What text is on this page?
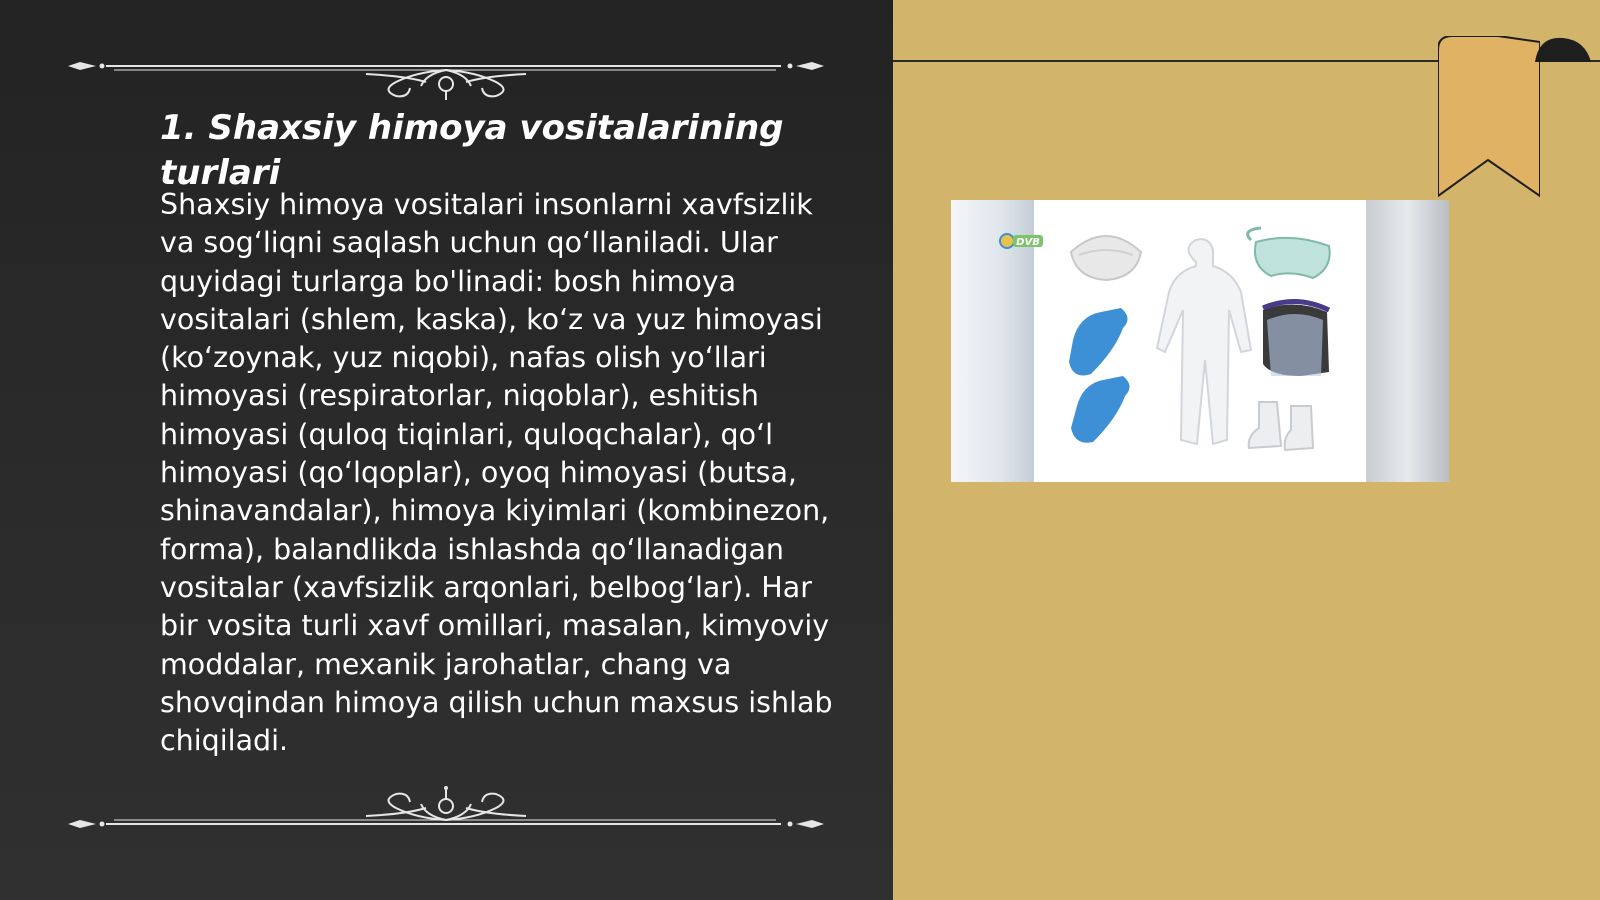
1. Shaxsiy himoya vositalarining turlari

Shaxsiy himoya vositalari insonlarni xavfsizlik va sog‘liqni saqlash uchun qo‘llaniladi. Ular quyidagi turlarga bo'linadi: bosh himoya vositalari (shlem, kaska), ko‘z va yuz himoyasi (ko‘zoynak, yuz niqobi), nafas olish yo‘llari himoyasi (respiratorlar, niqoblar), eshitish himoyasi (quloq tiqinlari, quloqchalar), qo‘l himoyasi (qo‘lqoplar), oyoq himoyasi (butsa, shinavandalar), himoya kiyimlari (kombinezon, forma), balandlikda ishlashda qo‘llanadigan vositalar (xavfsizlik arqonlari, belbog‘lar). Har bir vosita turli xavf omillari, masalan, kimyoviy moddalar, mexanik jarohatlar, chang va shovqindan himoya qilish uchun maxsus ishlab chiqiladi.

DVB
